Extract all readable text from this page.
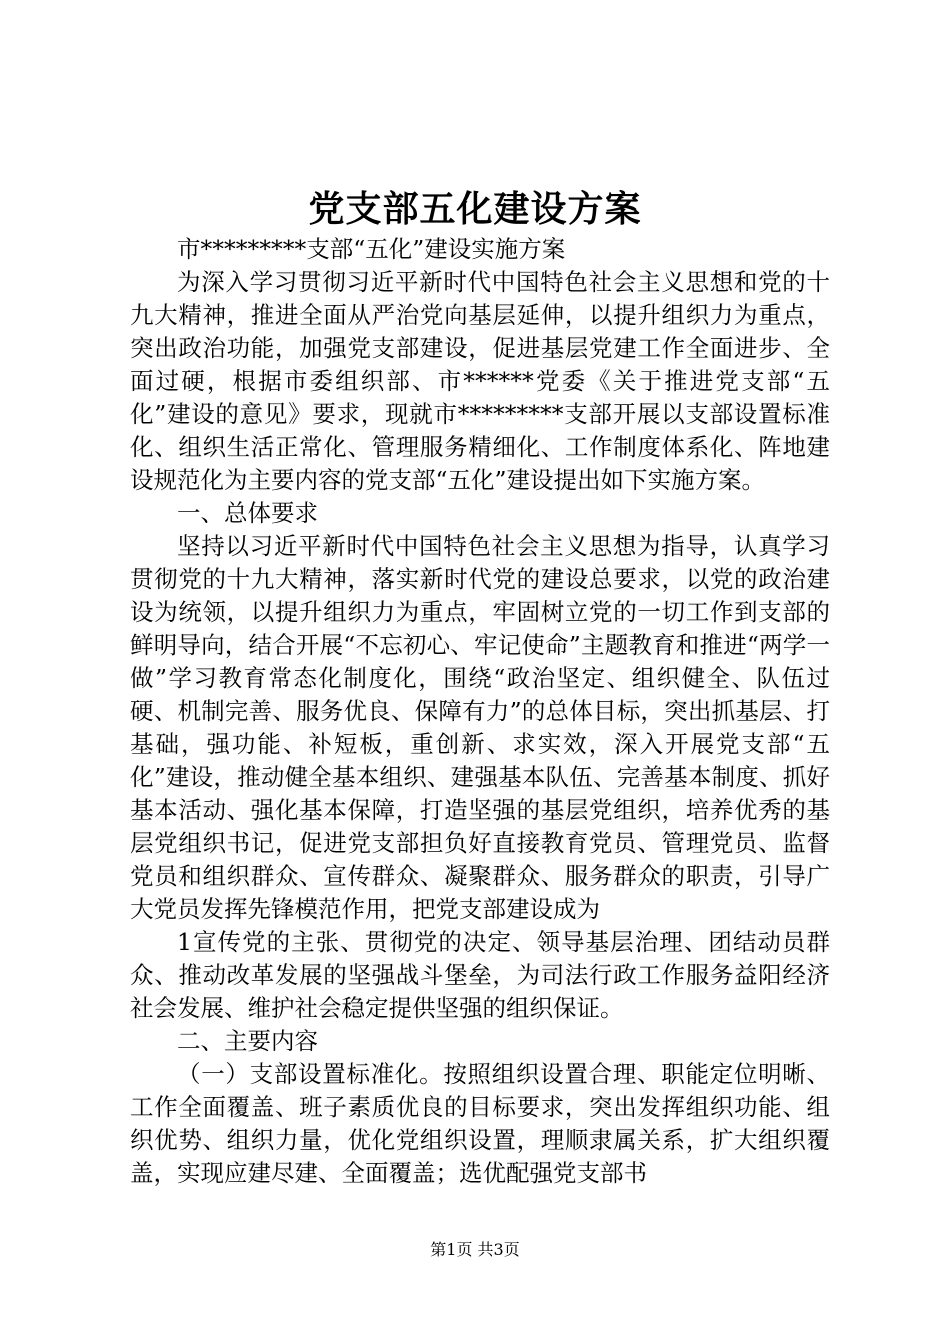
党支部五化建设方案

市*********支部“五化”建设实施方案

为深入学习贯彻习近平新时代中国特色社会主义思想和党的十九大精神，推进全面从严治党向基层延伸，以提升组织力为重点，突出政治功能，加强党支部建设，促进基层党建工作全面进步、全面过硬，根据市委组织部、市******党委《关于推进党支部“五化”建设的意见》要求，现就市*********支部开展以支部设置标准化、组织生活正常化、管理服务精细化、工作制度体系化、阵地建设规范化为主要内容的党支部“五化”建设提出如下实施方案。

一、总体要求

坚持以习近平新时代中国特色社会主义思想为指导，认真学习贯彻党的十九大精神，落实新时代党的建设总要求，以党的政治建设为统领，以提升组织力为重点，牢固树立党的一切工作到支部的鲜明导向，结合开展“不忘初心、牢记使命”主题教育和推进“两学一做”学习教育常态化制度化，围绕“政治坚定、组织健全、队伍过硬、机制完善、服务优良、保障有力”的总体目标，突出抓基层、打基础，强功能、补短板，重创新、求实效，深入开展党支部“五化”建设，推动健全基本组织、建强基本队伍、完善基本制度、抓好基本活动、强化基本保障，打造坚强的基层党组织，培养优秀的基层党组织书记，促进党支部担负好直接教育党员、管理党员、监督党员和组织群众、宣传群众、凝聚群众、服务群众的职责，引导广大党员发挥先锋模范作用，把党支部建设成为

1宣传党的主张、贯彻党的决定、领导基层治理、团结动员群众、推动改革发展的坚强战斗堡垒，为司法行政工作服务益阳经济社会发展、维护社会稳定提供坚强的组织保证。

二、主要内容

（一）支部设置标准化。按照组织设置合理、职能定位明晰、工作全面覆盖、班子素质优良的目标要求，突出发挥组织功能、组织优势、组织力量，优化党组织设置，理顺隶属关系，扩大组织覆盖，实现应建尽建、全面覆盖；选优配强党支部书

第1页 共3页
